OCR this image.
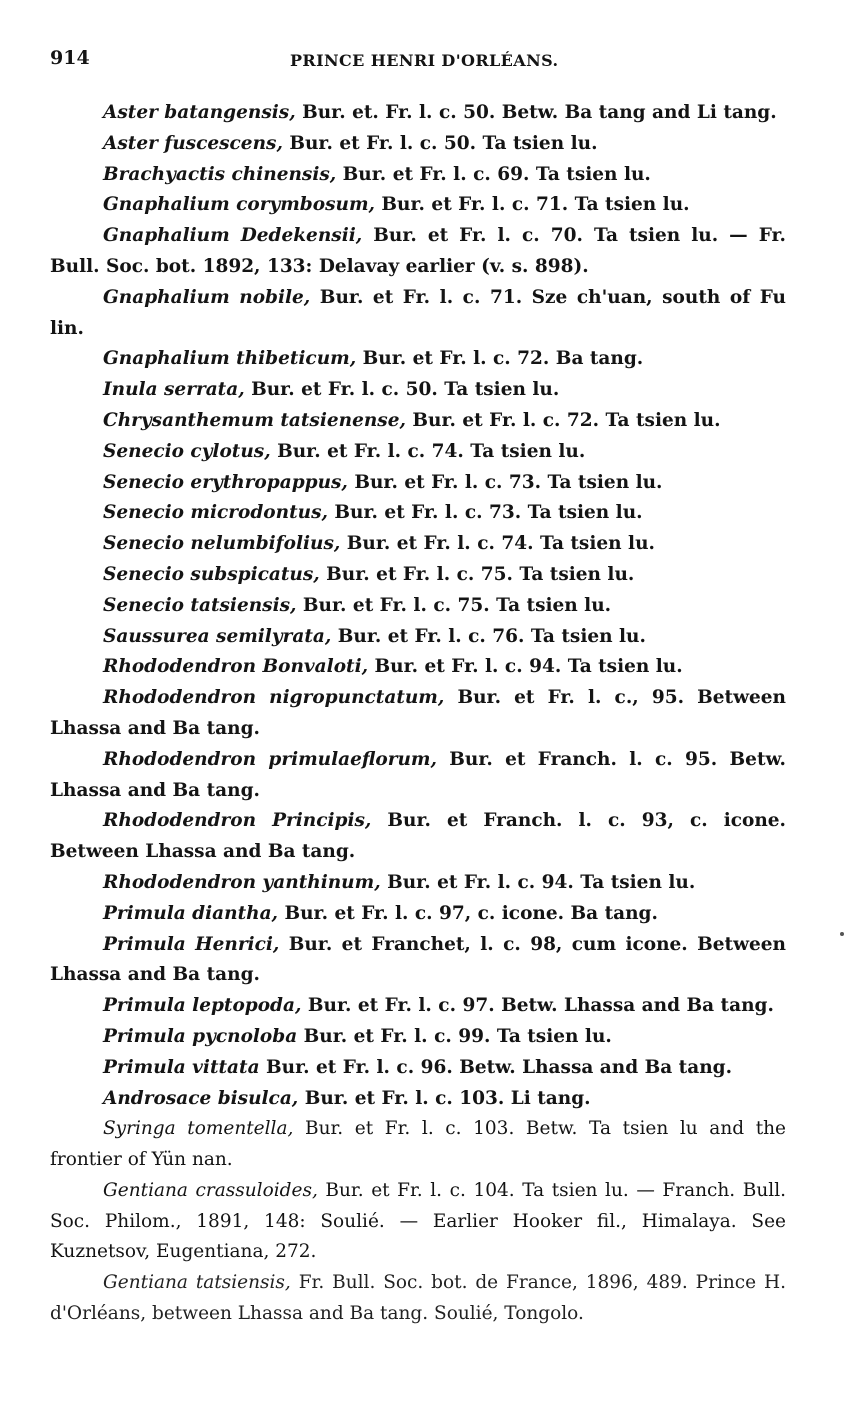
914	PRINCE HENRI D'ORLÉANS.

Aster batangensis, Bur. et. Fr. l. c. 50. Betw. Ba tang and Li tang.

Aster fuscescens, Bur. et Fr. l. c. 50. Ta tsien lu.

Brachyactis chinensis, Bur. et Fr. l. c. 69. Ta tsien lu.

Gnaphalium corymbosum, Bur. et Fr. l. c. 71. Ta tsien lu.

Gnaphalium Dedekensii, Bur. et Fr. l. c. 70. Ta tsien lu. — Fr. Bull. Soc. bot. 1892, 133: Delavay earlier (v. s. 898).

Gnaphalium nobile, Bur. et Fr. l. c. 71. Sze ch'uan, south of Fu lin.

Gnaphalium thibeticum, Bur. et Fr. l. c. 72. Ba tang.

Inula serrata, Bur. et Fr. l. c. 50. Ta tsien lu.

Chrysanthemum tatsienense, Bur. et Fr. l. c. 72. Ta tsien lu.

Senecio cylotus, Bur. et Fr. l. c. 74. Ta tsien lu.

Senecio erythropappus, Bur. et Fr. l. c. 73. Ta tsien lu.

Senecio microdontus, Bur. et Fr. l. c. 73. Ta tsien lu.

Senecio nelumbifolius, Bur. et Fr. l. c. 74. Ta tsien lu.

Senecio subspicatus, Bur. et Fr. l. c. 75. Ta tsien lu.

Senecio tatsiensis, Bur. et Fr. l. c. 75. Ta tsien lu.

Saussurea semilyrata, Bur. et Fr. l. c. 76. Ta tsien lu.

Rhododendron Bonvaloti, Bur. et Fr. l. c. 94. Ta tsien lu.

Rhododendron nigropunctatum, Bur. et Fr. l. c., 95. Between Lhassa and Ba tang.

Rhododendron primulaeflorum, Bur. et Franch. l. c. 95. Betw. Lhassa and Ba tang.

Rhododendron Principis, Bur. et Franch. l. c. 93, c. icone. Between Lhassa and Ba tang.

Rhododendron yanthinum, Bur. et Fr. l. c. 94. Ta tsien lu.

Primula diantha, Bur. et Fr. l. c. 97, c. icone. Ba tang.

Primula Henrici, Bur. et Franchet, l. c. 98, cum icone. Between Lhassa and Ba tang.

Primula leptopoda, Bur. et Fr. l. c. 97. Betw. Lhassa and Ba tang.

Primula pycnoloba Bur. et Fr. l. c. 99. Ta tsien lu.

Primula vittata Bur. et Fr. l. c. 96. Betw. Lhassa and Ba tang.

Androsace bisulca, Bur. et Fr. l. c. 103. Li tang.

Syringa tomentella, Bur. et Fr. l. c. 103. Betw. Ta tsien lu and the frontier of Yün nan.

Gentiana crassuloides, Bur. et Fr. l. c. 104. Ta tsien lu. — Franch. Bull. Soc. Philom., 1891, 148: Soulié. — Earlier Hooker fil., Himalaya. See Kuznetsov, Eugentiana, 272.

Gentiana tatsiensis, Fr. Bull. Soc. bot. de France, 1896, 489. Prince H. d'Orléans, between Lhassa and Ba tang. Soulié, Tongolo.
